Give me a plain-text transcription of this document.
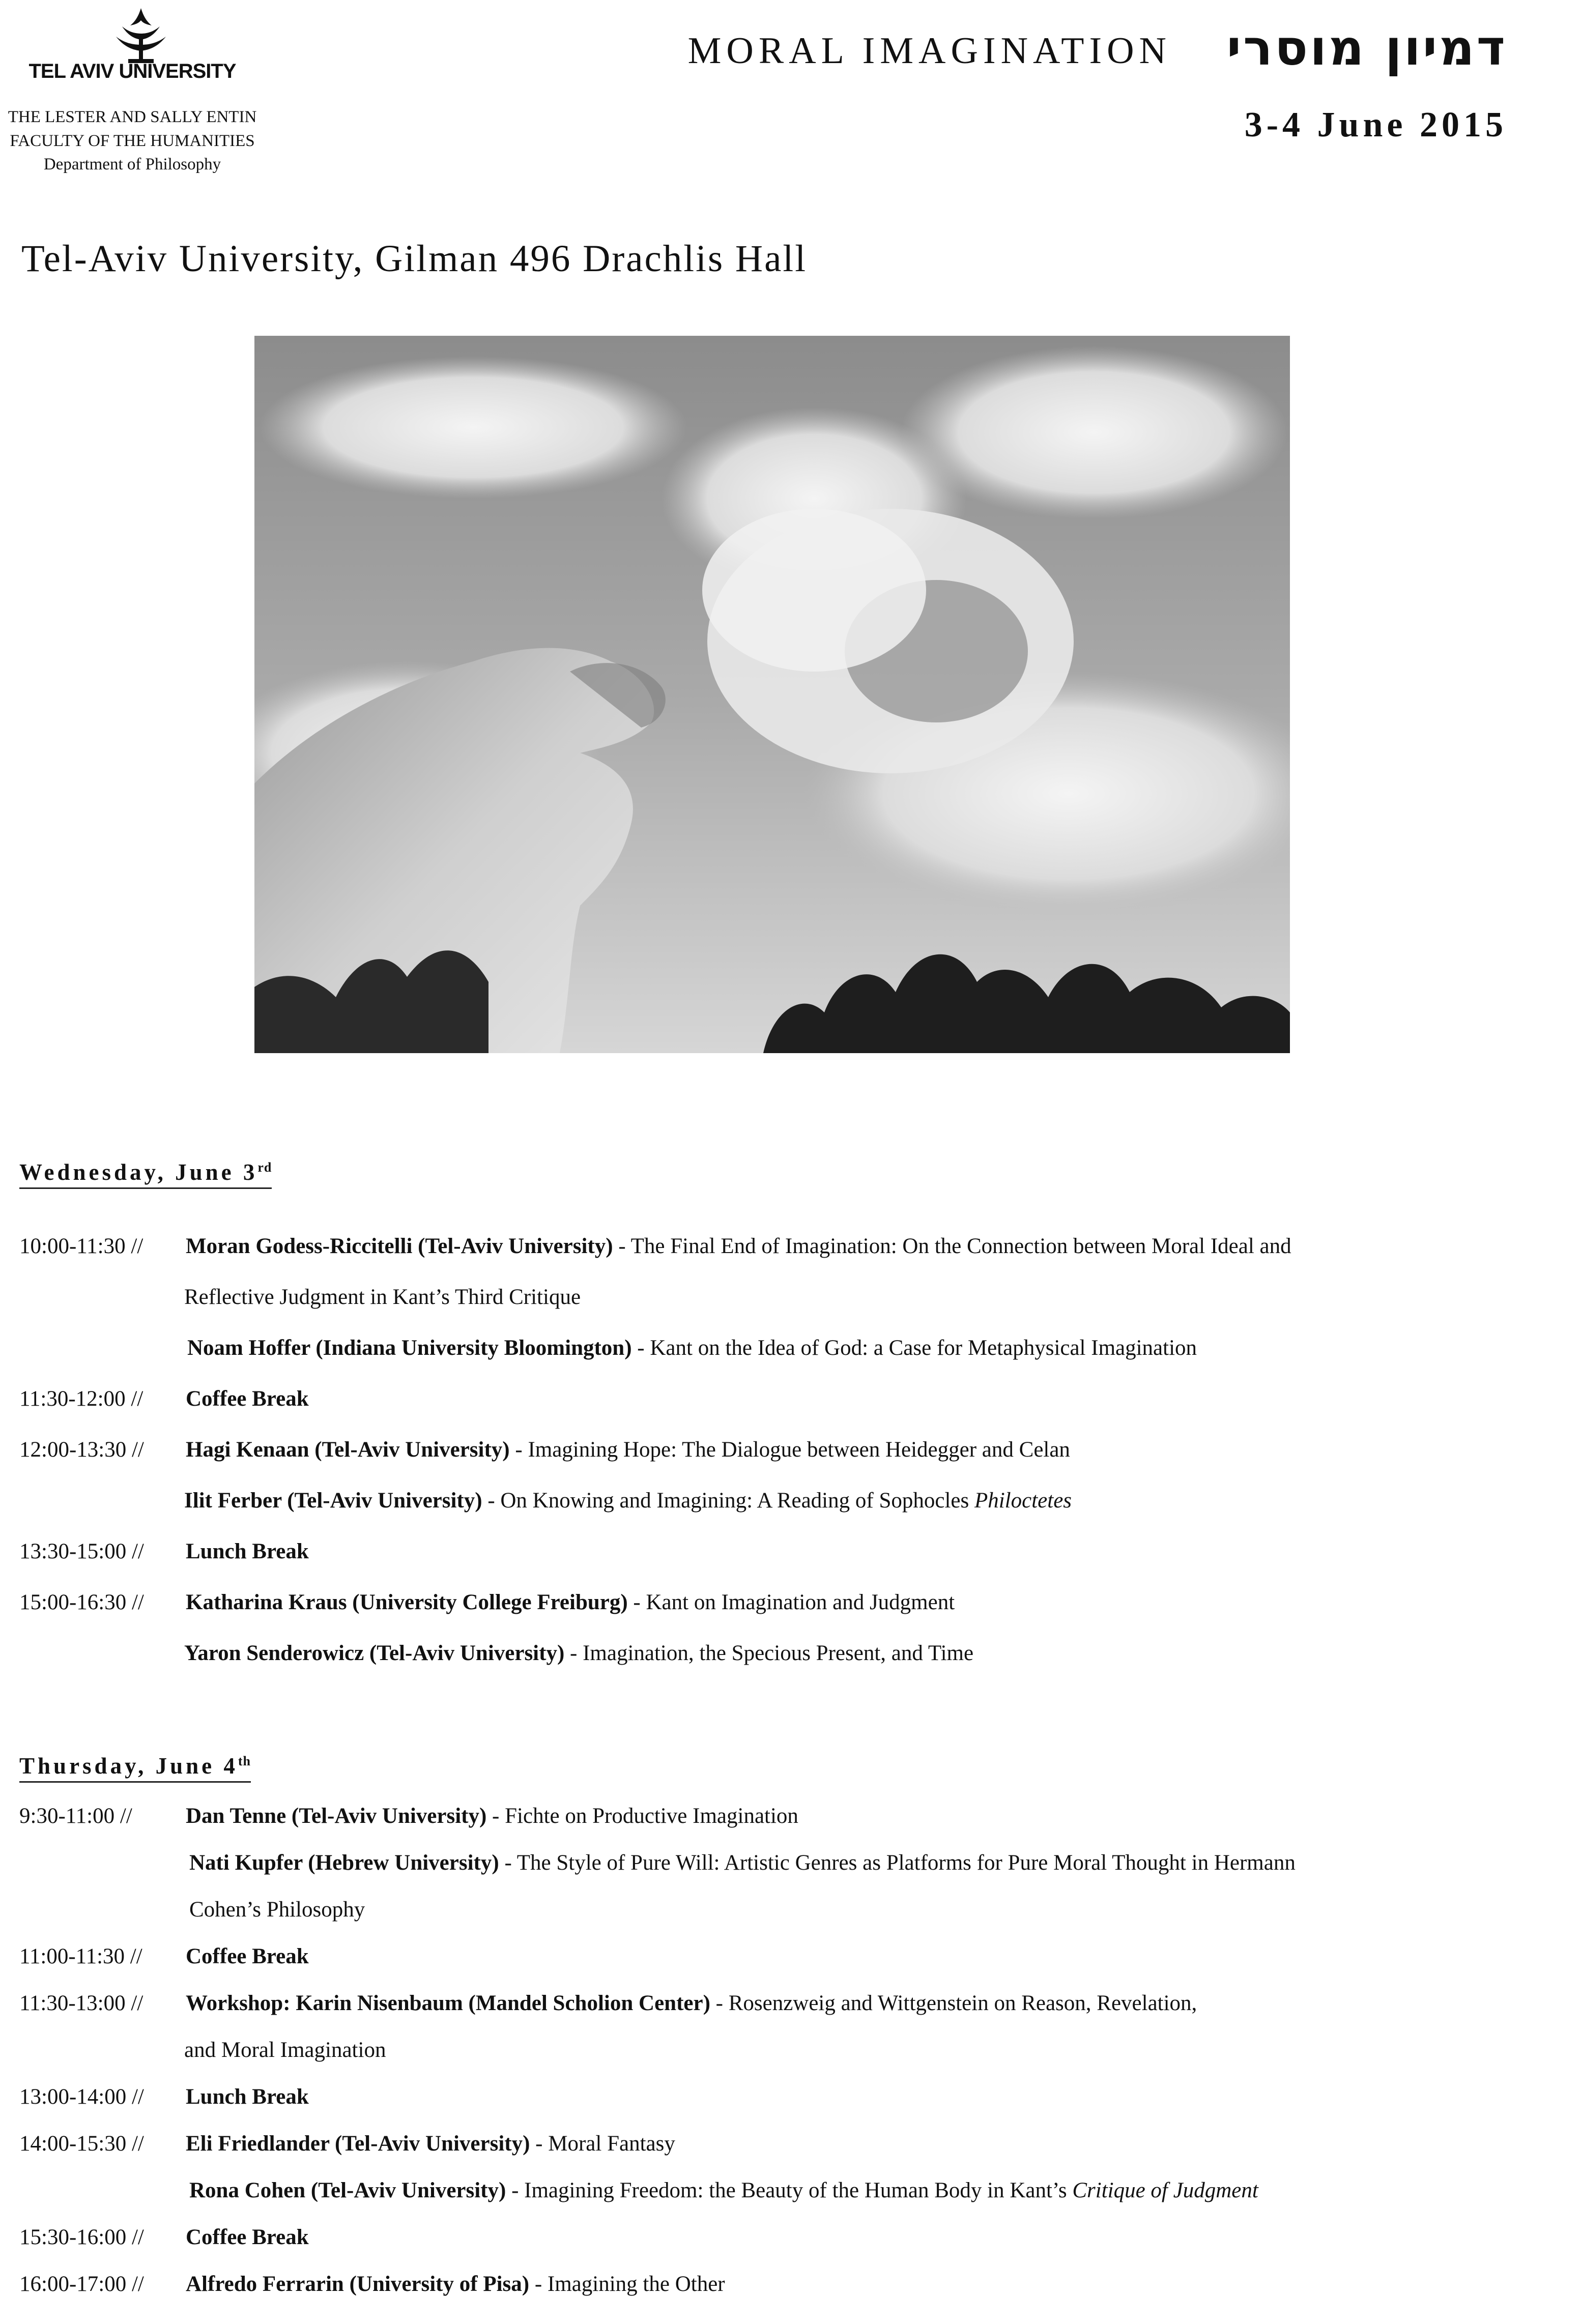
TEL AVIV UNIVERSITY
THE LESTER AND SALLY ENTIN
FACULTY OF THE HUMANITIES
Department of Philosophy
MORAL IMAGINATION דמיון מוסרי
3-4 June 2015
Tel-Aviv University, Gilman 496 Drachlis Hall
Wednesday, June 3rd
10:00-11:30 // Moran Godess-Riccitelli (Tel-Aviv University) - The Final End of Imagination: On the Connection between Moral Ideal and
Reflective Judgment in Kant’s Third Critique
Noam Hoffer (Indiana University Bloomington) - Kant on the Idea of God: a Case for Metaphysical Imagination
11:30-12:00 // Coffee Break
12:00-13:30 // Hagi Kenaan (Tel-Aviv University) - Imagining Hope: The Dialogue between Heidegger and Celan
Ilit Ferber (Tel-Aviv University) - On Knowing and Imagining: A Reading of Sophocles Philoctetes
13:30-15:00 // Lunch Break
15:00-16:30 // Katharina Kraus (University College Freiburg) - Kant on Imagination and Judgment
Yaron Senderowicz (Tel-Aviv University) - Imagination, the Specious Present, and Time
Thursday, June 4th
9:30-11:00 // Dan Tenne (Tel-Aviv University) - Fichte on Productive Imagination
Nati Kupfer (Hebrew University) - The Style of Pure Will: Artistic Genres as Platforms for Pure Moral Thought in Hermann
Cohen’s Philosophy
11:00-11:30 // Coffee Break
11:30-13:00 // Workshop: Karin Nisenbaum (Mandel Scholion Center) - Rosenzweig and Wittgenstein on Reason, Revelation,
and Moral Imagination
13:00-14:00 // Lunch Break
14:00-15:30 // Eli Friedlander (Tel-Aviv University) - Moral Fantasy
Rona Cohen (Tel-Aviv University) - Imagining Freedom: the Beauty of the Human Body in Kant’s Critique of Judgment
15:30-16:00 // Coffee Break
16:00-17:00 // Alfredo Ferrarin (University of Pisa) - Imagining the Other
